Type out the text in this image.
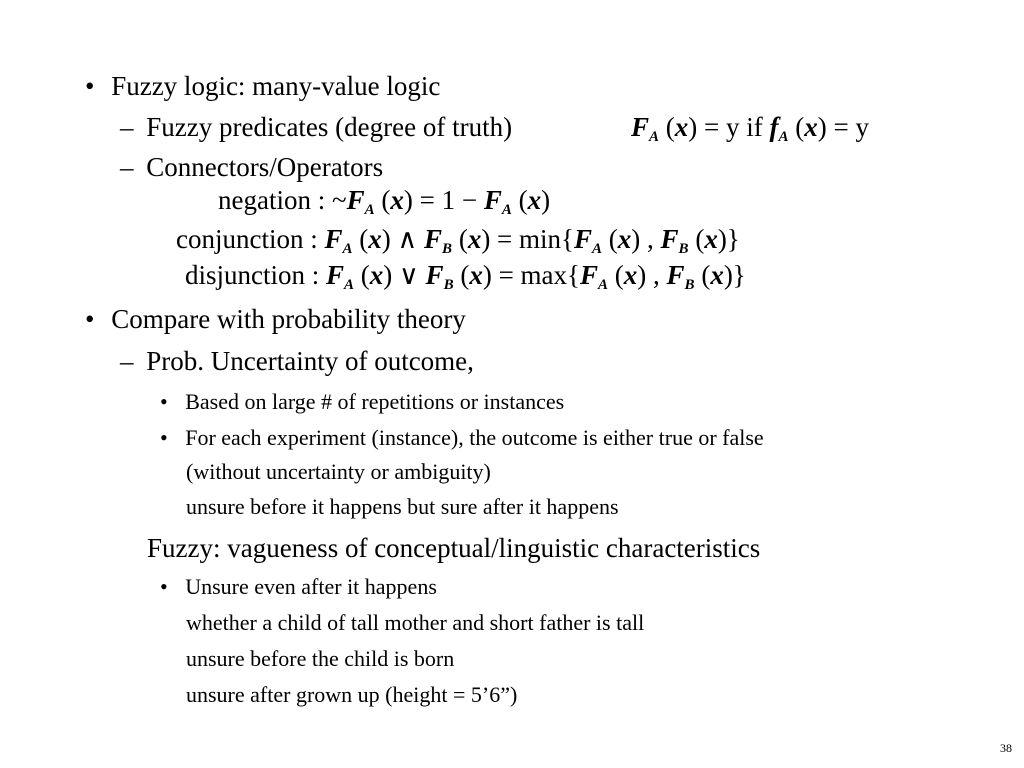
• Fuzzy logic: many-value logic
– Fuzzy predicates (degree of truth)	$F_A$ (x) = y if $f_A$ (x) = y
– Connectors/Operators
negation : $\sim F_A$ $(x) = 1 - F_A$ (x)
conjunction : $F_A$ (x) ∧ $F_B$ $(x) = \min\{F_A$ (x) , $F_B$ (x)}
disjunction : $F_A$ (x) ∨ $F_B$ $(x) = \max\{F_A$ (x) , $F_B$ (x)}
• Compare with probability theory
– Prob. Uncertainty of outcome,
• Based on large # of repetitions or instances
• For each experiment (instance), the outcome is either true or false
(without uncertainty or ambiguity)
unsure before it happens but sure after it happens
Fuzzy: vagueness of conceptual/linguistic characteristics
• Unsure even after it happens
whether a child of tall mother and short father is tall
unsure before the child is born
unsure after grown up (height = 5’6”)
38
